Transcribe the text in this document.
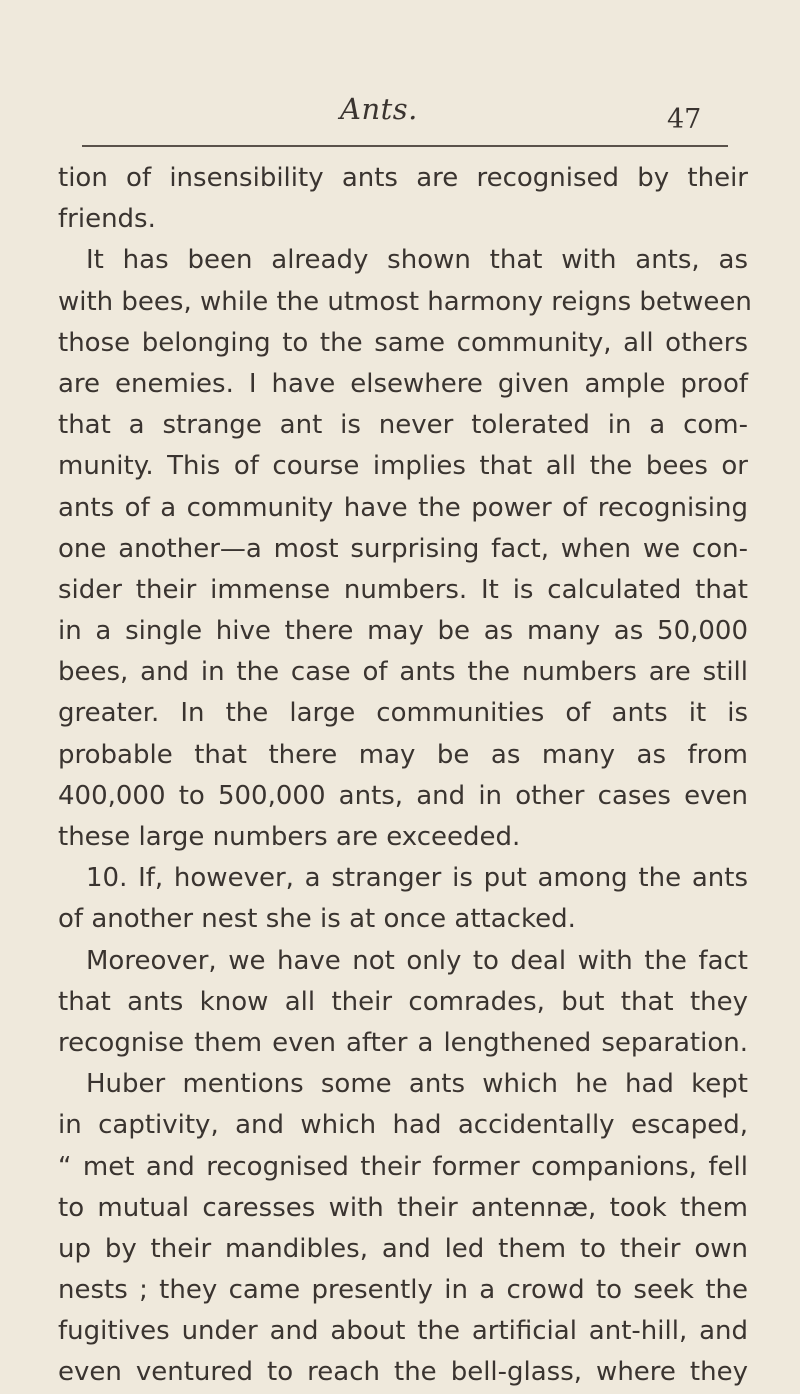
Ants.	47
tion of insensibility ants are recognised by their
friends.
It has been already shown that with ants, as
with bees, while the utmost harmony reigns between
those belonging to the same community, all others
are enemies. I have elsewhere given ample proof
that a strange ant is never tolerated in a com-
munity. This of course implies that all the bees or
ants of a community have the power of recognising
one another—a most surprising fact, when we con-
sider their immense numbers. It is calculated that
in a single hive there may be as many as 50,000
bees, and in the case of ants the numbers are still
greater. In the large communities of ants it is
probable that there may be as many as from
400,000 to 500,000 ants, and in other cases even
these large numbers are exceeded.
10. If, however, a stranger is put among the ants
of another nest she is at once attacked.
Moreover, we have not only to deal with the fact
that ants know all their comrades, but that they
recognise them even after a lengthened separation.
Huber mentions some ants which he had kept
in captivity, and which had accidentally escaped,
“ met and recognised their former companions, fell
to mutual caresses with their antennæ, took them
up by their mandibles, and led them to their own
nests ; they came presently in a crowd to seek the
fugitives under and about the artificial ant-hill, and
even ventured to reach the bell-glass, where they
